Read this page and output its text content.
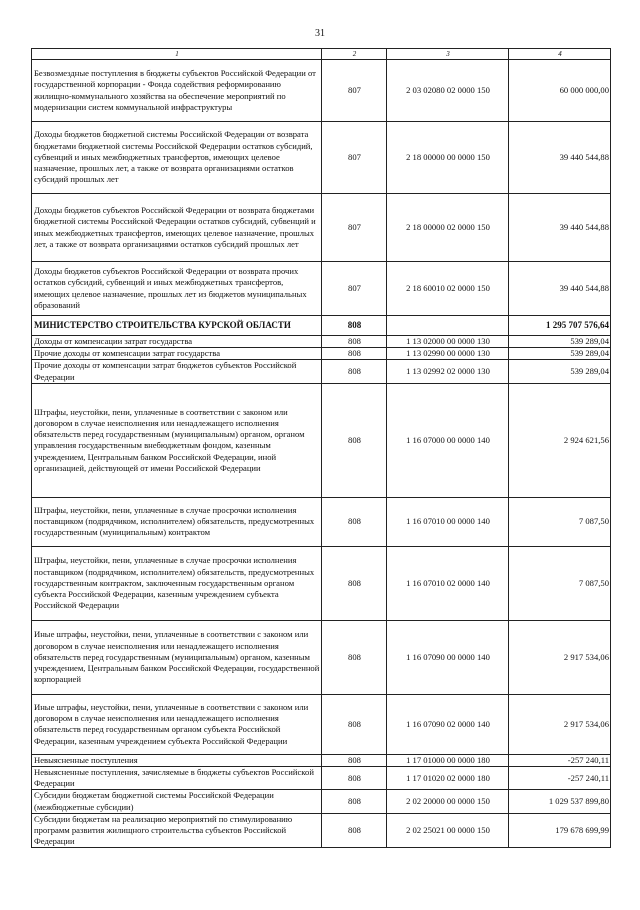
31
1	2	3	4
Безвозмездные поступления в бюджеты субъектов Российской Федерации от государственной корпорации - Фонда содействия реформированию жилищно-коммунального хозяйства на обеспечение мероприятий по модернизации систем коммунальной инфраструктуры	807	2 03 02080 02 0000 150	60 000 000,00
Доходы бюджетов бюджетной системы Российской Федерации от возврата бюджетами бюджетной системы Российской Федерации остатков субсидий, субвенций и иных межбюджетных трансфертов, имеющих целевое назначение, прошлых лет, а также от возврата организациями остатков субсидий прошлых лет	807	2 18 00000 00 0000 150	39 440 544,88
Доходы бюджетов субъектов Российской Федерации от возврата бюджетами бюджетной системы Российской Федерации остатков субсидий, субвенций и иных межбюджетных трансфертов, имеющих целевое назначение, прошлых лет, а также от возврата организациями остатков субсидий прошлых лет	807	2 18 00000 02 0000 150	39 440 544,88
Доходы бюджетов субъектов Российской Федерации от возврата прочих остатков субсидий, субвенций и иных межбюджетных трансфертов, имеющих целевое назначение, прошлых лет из бюджетов муниципальных образований	807	2 18 60010 02 0000 150	39 440 544,88
МИНИСТЕРСТВО СТРОИТЕЛЬСТВА КУРСКОЙ ОБЛАСТИ	808		1 295 707 576,64
Доходы от компенсации затрат государства	808	1 13 02000 00 0000 130	539 289,04
Прочие доходы от компенсации затрат государства	808	1 13 02990 00 0000 130	539 289,04
Прочие доходы от компенсации затрат бюджетов субъектов Российской Федерации	808	1 13 02992 02 0000 130	539 289,04
Штрафы, неустойки, пени, уплаченные в соответствии с законом или договором в случае неисполнения или ненадлежащего исполнения обязательств перед государственным (муниципальным) органом, органом управления государственным внебюджетным фондом, казенным учреждением, Центральным банком Российской Федерации, иной организацией, действующей от имени Российской Федерации	808	1 16 07000 00 0000 140	2 924 621,56
Штрафы, неустойки, пени, уплаченные в случае просрочки исполнения поставщиком (подрядчиком, исполнителем) обязательств, предусмотренных государственным (муниципальным) контрактом	808	1 16 07010 00 0000 140	7 087,50
Штрафы, неустойки, пени, уплаченные в случае просрочки исполнения поставщиком (подрядчиком, исполнителем) обязательств, предусмотренных государственным контрактом, заключенным государственным органом субъекта Российской Федерации, казенным учреждением субъекта Российской Федерации	808	1 16 07010 02 0000 140	7 087,50
Иные штрафы, неустойки, пени, уплаченные в соответствии с законом или договором в случае неисполнения или ненадлежащего исполнения обязательств перед государственным (муниципальным) органом, казенным учреждением, Центральным банком Российской Федерации, государственной корпорацией	808	1 16 07090 00 0000 140	2 917 534,06
Иные штрафы, неустойки, пени, уплаченные в соответствии с законом или договором в случае неисполнения или ненадлежащего исполнения обязательств перед государственным органом субъекта Российской Федерации, казенным учреждением субъекта Российской Федерации	808	1 16 07090 02 0000 140	2 917 534,06
Невыясненные поступления	808	1 17 01000 00 0000 180	-257 240,11
Невыясненные поступления, зачисляемые в бюджеты субъектов Российской Федерации	808	1 17 01020 02 0000 180	-257 240,11
Субсидии бюджетам бюджетной системы Российской Федерации (межбюджетные субсидии)	808	2 02 20000 00 0000 150	1 029 537 899,80
Субсидии бюджетам на реализацию мероприятий по стимулированию программ развития жилищного строительства субъектов Российской Федерации	808	2 02 25021 00 0000 150	179 678 699,99
